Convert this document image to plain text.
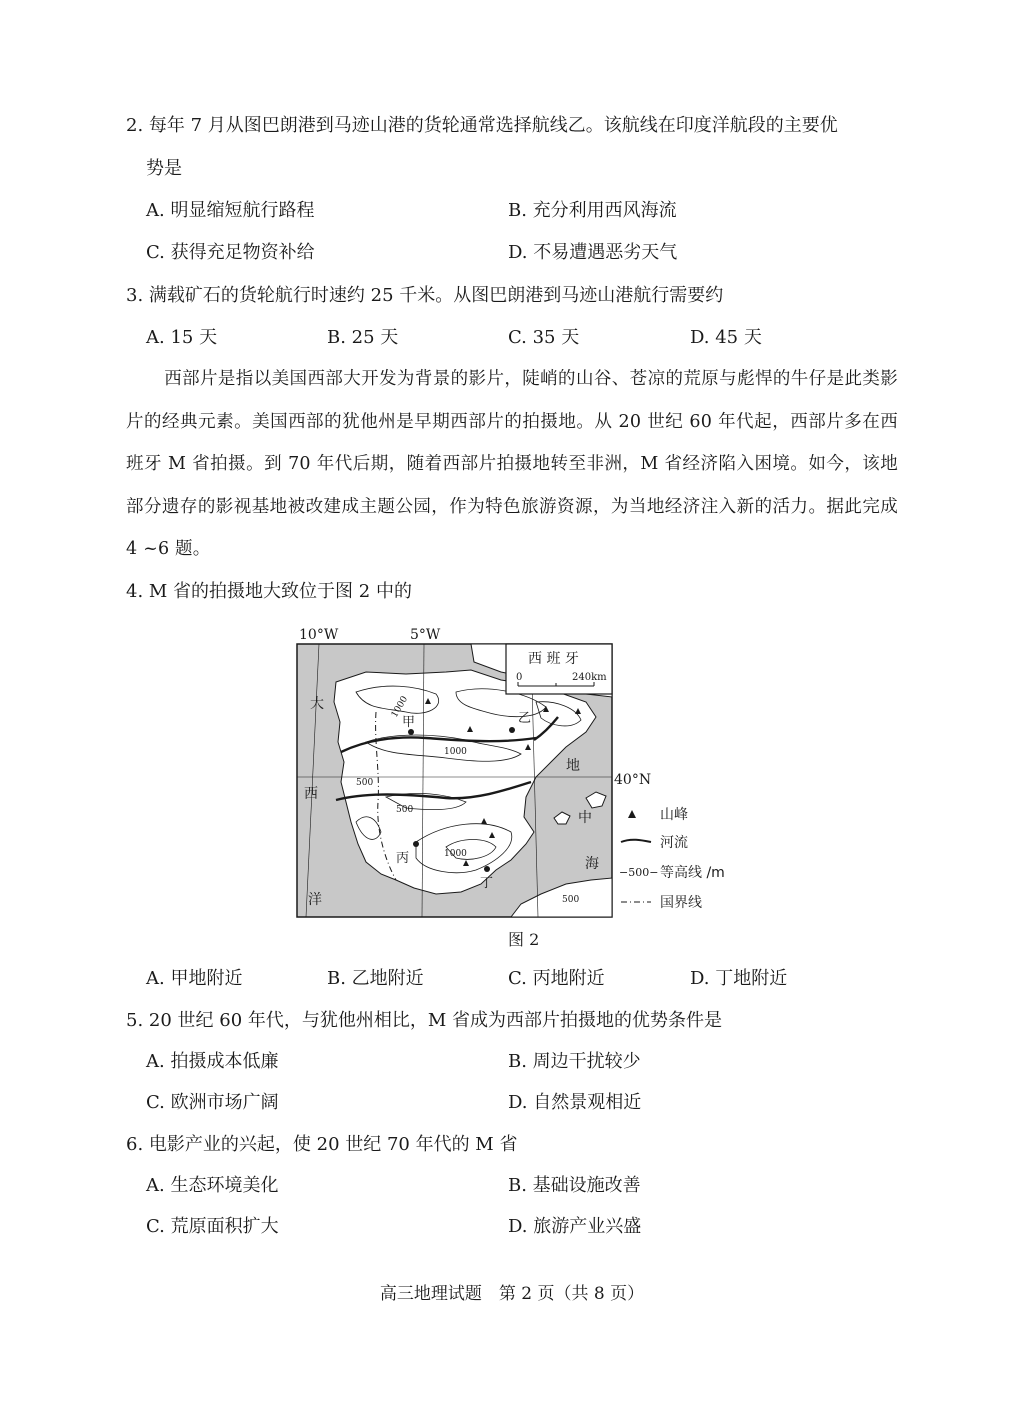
2. 每年 7 月从图巴朗港到马迹山港的货轮通常选择航线乙。该航线在印度洋航段的主要优
势是
A. 明显缩短航行路程	B. 充分利用西风海流
C. 获得充足物资补给	D. 不易遭遇恶劣天气
3. 满载矿石的货轮航行时速约 25 千米。从图巴朗港到马迹山港航行需要约
A. 15 天	B. 25 天	C. 35 天	D. 45 天
西部片是指以美国西部大开发为背景的影片，陡峭的山谷、苍凉的荒原与彪悍的牛仔是此类影片的经典元素。美国西部的犹他州是早期西部片的拍摄地。从 20 世纪 60 年代起，西部片多在西班牙 M 省拍摄。到 70 年代后期，随着西部片拍摄地转至非洲，M 省经济陷入困境。如今，该地部分遗存的影视基地被改建成主题公园，作为特色旅游资源，为当地经济注入新的活力。据此完成 4 ~6 题。
4. M 省的拍摄地大致位于图 2 中的
10°W	5°W
40°N
甲	乙
丙
丁
1000
1000
500
500
1000
500
大
西
洋
地
中
海
西 班 牙
0	240km
山峰
河流
−500− 等高线 /m
国界线
图 2
A. 甲地附近	B. 乙地附近	C. 丙地附近	D. 丁地附近
5. 20 世纪 60 年代，与犹他州相比，M 省成为西部片拍摄地的优势条件是
A. 拍摄成本低廉	B. 周边干扰较少
C. 欧洲市场广阔	D. 自然景观相近
6. 电影产业的兴起，使 20 世纪 70 年代的 M 省
A. 生态环境美化	B. 基础设施改善
C. 荒原面积扩大	D. 旅游产业兴盛
高三地理试题　第 2 页（共 8 页）
